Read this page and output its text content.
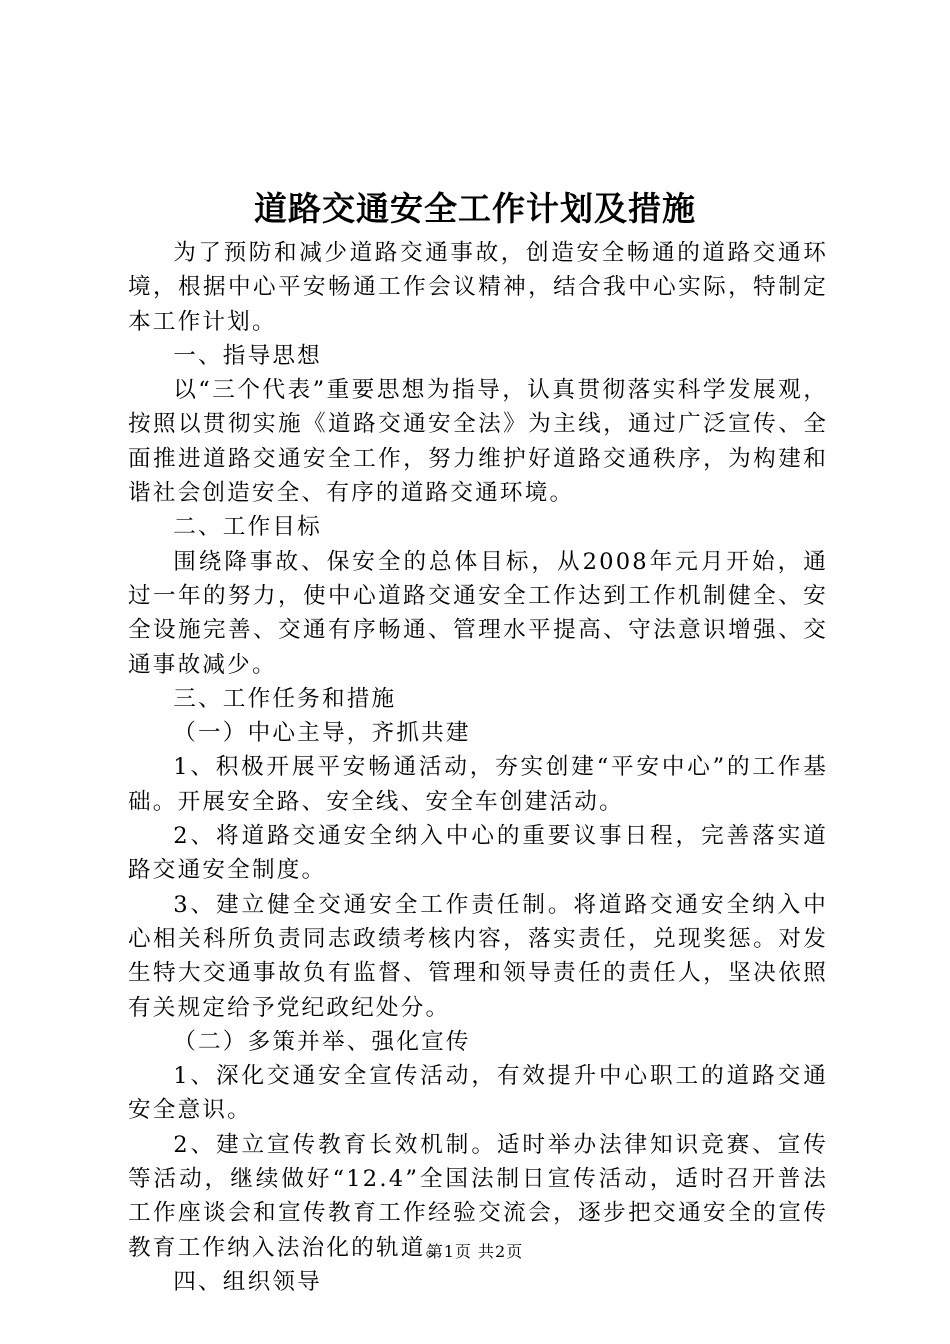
道路交通安全工作计划及措施

为了预防和减少道路交通事故，创造安全畅通的道路交通环境，根据中心平安畅通工作会议精神，结合我中心实际，特制定本工作计划。

一、指导思想

以“三个代表”重要思想为指导，认真贯彻落实科学发展观，按照以贯彻实施《道路交通安全法》为主线，通过广泛宣传、全面推进道路交通安全工作，努力维护好道路交通秩序，为构建和谐社会创造安全、有序的道路交通环境。

二、工作目标

围绕降事故、保安全的总体目标，从2008年元月开始，通过一年的努力，使中心道路交通安全工作达到工作机制健全、安全设施完善、交通有序畅通、管理水平提高、守法意识增强、交通事故减少。

三、工作任务和措施

（一）中心主导，齐抓共建

1、积极开展平安畅通活动，夯实创建“平安中心”的工作基础。开展安全路、安全线、安全车创建活动。

2、将道路交通安全纳入中心的重要议事日程，完善落实道路交通安全制度。

3、建立健全交通安全工作责任制。将道路交通安全纳入中心相关科所负责同志政绩考核内容，落实责任，兑现奖惩。对发生特大交通事故负有监督、管理和领导责任的责任人，坚决依照有关规定给予党纪政纪处分。

（二）多策并举、强化宣传

1、深化交通安全宣传活动，有效提升中心职工的道路交通安全意识。

2、建立宣传教育长效机制。适时举办法律知识竞赛、宣传等活动，继续做好“12.4”全国法制日宣传活动，适时召开普法工作座谈会和宣传教育工作经验交流会，逐步把交通安全的宣传教育工作纳入法治化的轨道。

四、组织领导

第1页 共2页
